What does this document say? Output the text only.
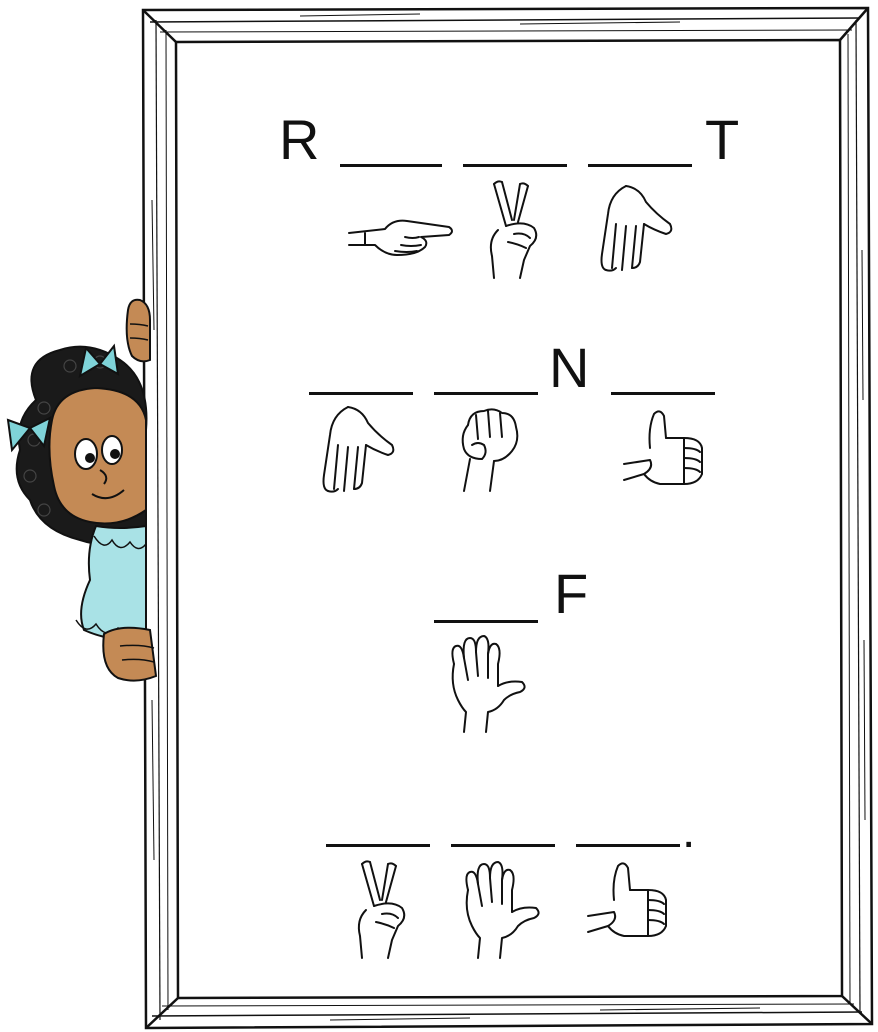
R	T
N
F
.
